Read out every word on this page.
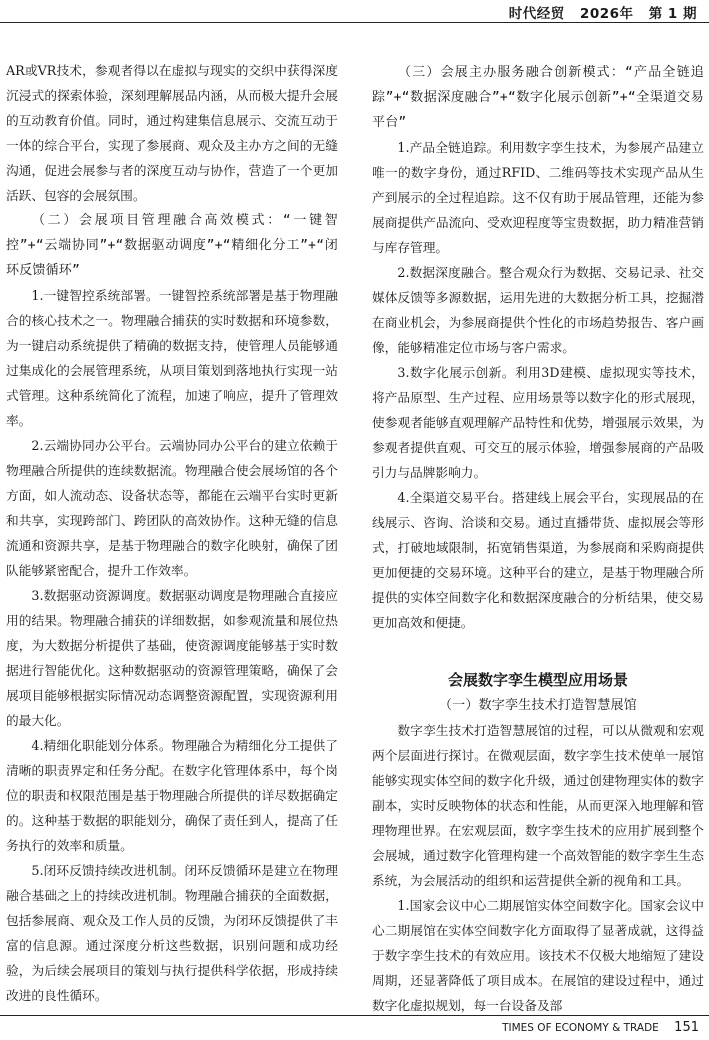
时代经贸 2026年 第 1 期

AR或VR技术，参观者得以在虚拟与现实的交织中获得深度沉浸式的探索体验，深刻理解展品内涵，从而极大提升会展的互动教育价值。同时，通过构建集信息展示、交流互动于一体的综合平台，实现了参展商、观众及主办方之间的无缝沟通，促进会展参与者的深度互动与协作，营造了一个更加活跃、包容的会展氛围。

（二）会展项目管理融合高效模式：“一键智控”+“云端协同”+“数据驱动调度”+“精细化分工”+“闭环反馈循环”

1.一键智控系统部署。一键智控系统部署是基于物理融合的核心技术之一。物理融合捕获的实时数据和环境参数，为一键启动系统提供了精确的数据支持，使管理人员能够通过集成化的会展管理系统，从项目策划到落地执行实现一站式管理。这种系统简化了流程，加速了响应，提升了管理效率。

2.云端协同办公平台。云端协同办公平台的建立依赖于物理融合所提供的连续数据流。物理融合使会展场馆的各个方面，如人流动态、设备状态等，都能在云端平台实时更新和共享，实现跨部门、跨团队的高效协作。这种无缝的信息流通和资源共享，是基于物理融合的数字化映射，确保了团队能够紧密配合，提升工作效率。

3.数据驱动资源调度。数据驱动调度是物理融合直接应用的结果。物理融合捕获的详细数据，如参观流量和展位热度，为大数据分析提供了基础，使资源调度能够基于实时数据进行智能优化。这种数据驱动的资源管理策略，确保了会展项目能够根据实际情况动态调整资源配置，实现资源利用的最大化。

4.精细化职能划分体系。物理融合为精细化分工提供了清晰的职责界定和任务分配。在数字化管理体系中，每个岗位的职责和权限范围是基于物理融合所提供的详尽数据确定的。这种基于数据的职能划分，确保了责任到人，提高了任务执行的效率和质量。

5.闭环反馈持续改进机制。闭环反馈循环是建立在物理融合基础之上的持续改进机制。物理融合捕获的全面数据，包括参展商、观众及工作人员的反馈，为闭环反馈提供了丰富的信息源。通过深度分析这些数据，识别问题和成功经验，为后续会展项目的策划与执行提供科学依据，形成持续改进的良性循环。

（三）会展主办服务融合创新模式：“产品全链追踪”+“数据深度融合”+“数字化展示创新”+“全渠道交易平台”

1.产品全链追踪。利用数字孪生技术，为参展产品建立唯一的数字身份，通过RFID、二维码等技术实现产品从生产到展示的全过程追踪。这不仅有助于展品管理，还能为参展商提供产品流向、受欢迎程度等宝贵数据，助力精准营销与库存管理。

2.数据深度融合。整合观众行为数据、交易记录、社交媒体反馈等多源数据，运用先进的大数据分析工具，挖掘潜在商业机会，为参展商提供个性化的市场趋势报告、客户画像，能够精准定位市场与客户需求。

3.数字化展示创新。利用3D建模、虚拟现实等技术，将产品原型、生产过程、应用场景等以数字化的形式展现，使参观者能够直观理解产品特性和优势，增强展示效果，为参观者提供直观、可交互的展示体验，增强参展商的产品吸引力与品牌影响力。

4.全渠道交易平台。搭建线上展会平台，实现展品的在线展示、咨询、洽谈和交易。通过直播带货、虚拟展会等形式，打破地域限制，拓宽销售渠道，为参展商和采购商提供更加便捷的交易环境。这种平台的建立，是基于物理融合所提供的实体空间数字化和数据深度融合的分析结果，使交易更加高效和便捷。

会展数字孪生模型应用场景

（一）数字孪生技术打造智慧展馆

数字孪生技术打造智慧展馆的过程，可以从微观和宏观两个层面进行探讨。在微观层面，数字孪生技术使单一展馆能够实现实体空间的数字化升级，通过创建物理实体的数字副本，实时反映物体的状态和性能，从而更深入地理解和管理物理世界。在宏观层面，数字孪生技术的应用扩展到整个会展城，通过数字化管理构建一个高效智能的数字孪生生态系统，为会展活动的组织和运营提供全新的视角和工具。

1.国家会议中心二期展馆实体空间数字化。国家会议中心二期展馆在实体空间数字化方面取得了显著成就，这得益于数字孪生技术的有效应用。该技术不仅极大地缩短了建设周期，还显著降低了项目成本。在展馆的建设过程中，通过数字化虚拟规划，每一台设备及部

TIMES OF ECONOMY & TRADE 151
